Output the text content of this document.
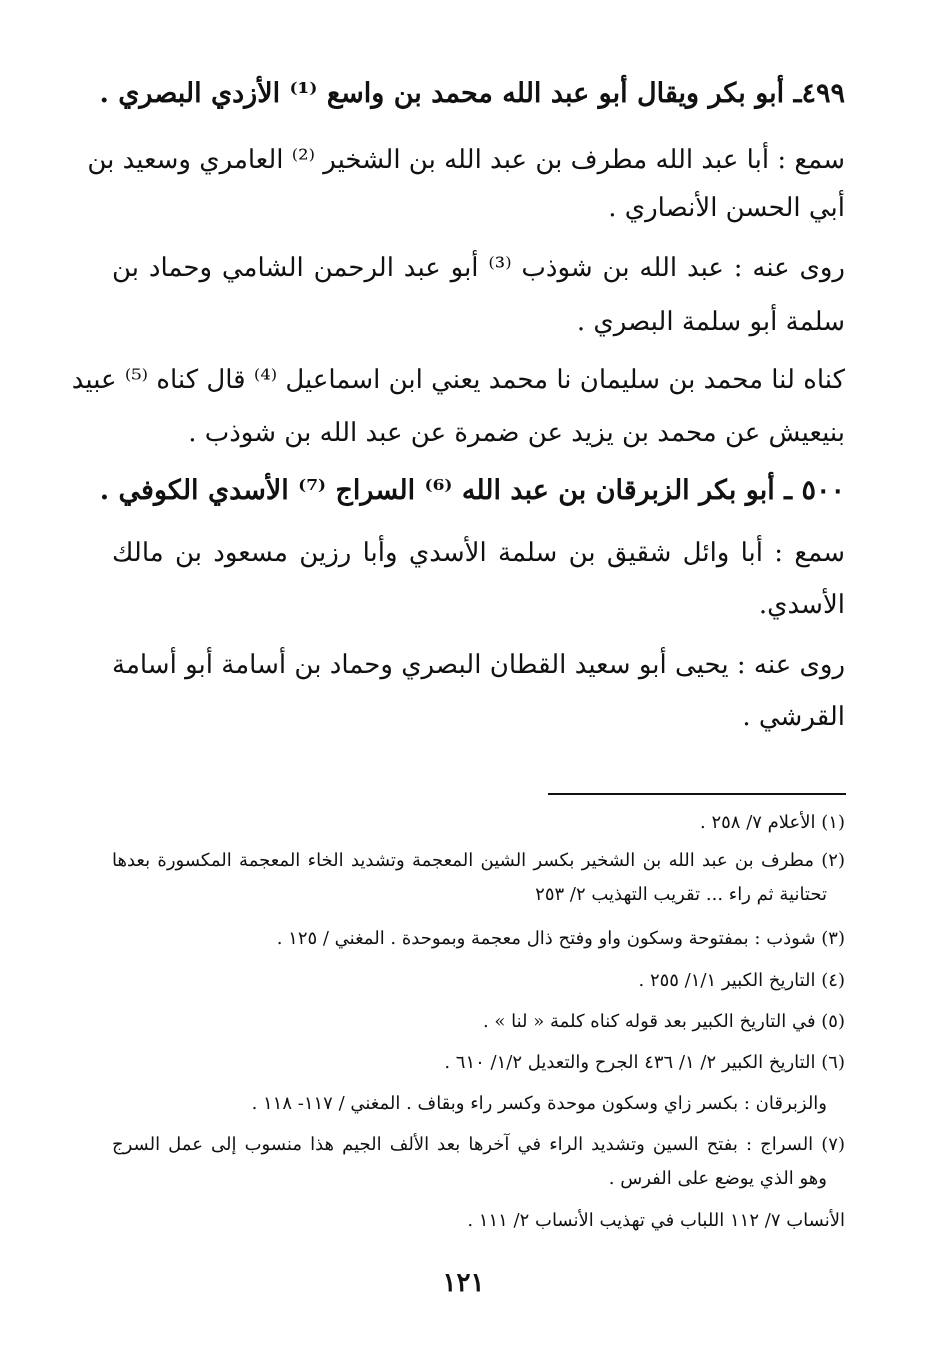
٤٩٩ـ أبو بكر ويقال أبو عبد الله محمد بن واسع ⁽¹⁾ الأزدي البصري .
سمع : أبا عبد الله مطرف بن عبد الله بن الشخير ⁽²⁾ العامري وسعيد بن
أبي الحسن الأنصاري .
روى عنه : عبد الله بن شوذب ⁽³⁾ أبو عبد الرحمن الشامي وحماد بن
سلمة أبو سلمة البصري .
كناه لنا محمد بن سليمان نا محمد يعني ابن اسماعيل ⁽⁴⁾ قال كناه ⁽⁵⁾ عبيد
بنيعيش عن محمد بن يزيد عن ضمرة عن عبد الله بن شوذب .
٥٠٠ ـ أبو بكر الزبرقان بن عبد الله ⁽⁶⁾ السراج ⁽⁷⁾ الأسدي الكوفي .
سمع : أبا وائل شقيق بن سلمة الأسدي وأبا رزين مسعود بن مالك
الأسدي.
روى عنه : يحيى أبو سعيد القطان البصري وحماد بن أسامة أبو أسامة
القرشي .
(١) الأعلام ٧/ ٢٥٨ .
(٢) مطرف بن عبد الله بن الشخير بكسر الشين المعجمة وتشديد الخاء المعجمة المكسورة بعدها
تحتانية ثم راء ... تقريب التهذيب ٢/ ٢٥٣
(٣) شوذب : بمفتوحة وسكون واو وفتح ذال معجمة وبموحدة . المغني / ١٢٥ .
(٤) التاريخ الكبير ١/١/ ٢٥٥ .
(٥) في التاريخ الكبير بعد قوله كناه كلمة « لنا » .
(٦) التاريخ الكبير ٢/ ١/ ٤٣٦ الجرح والتعديل ١/٢/ ٦١٠ .
والزبرقان : بكسر زاي وسكون موحدة وكسر راء وبقاف . المغني / ١١٧- ١١٨ .
(٧) السراج : بفتح السين وتشديد الراء في آخرها بعد الألف الجيم هذا منسوب إلى عمل السرج
وهو الذي يوضع على الفرس .
الأنساب ٧/ ١١٢ اللباب في تهذيب الأنساب ٢/ ١١١ .
١٢١
